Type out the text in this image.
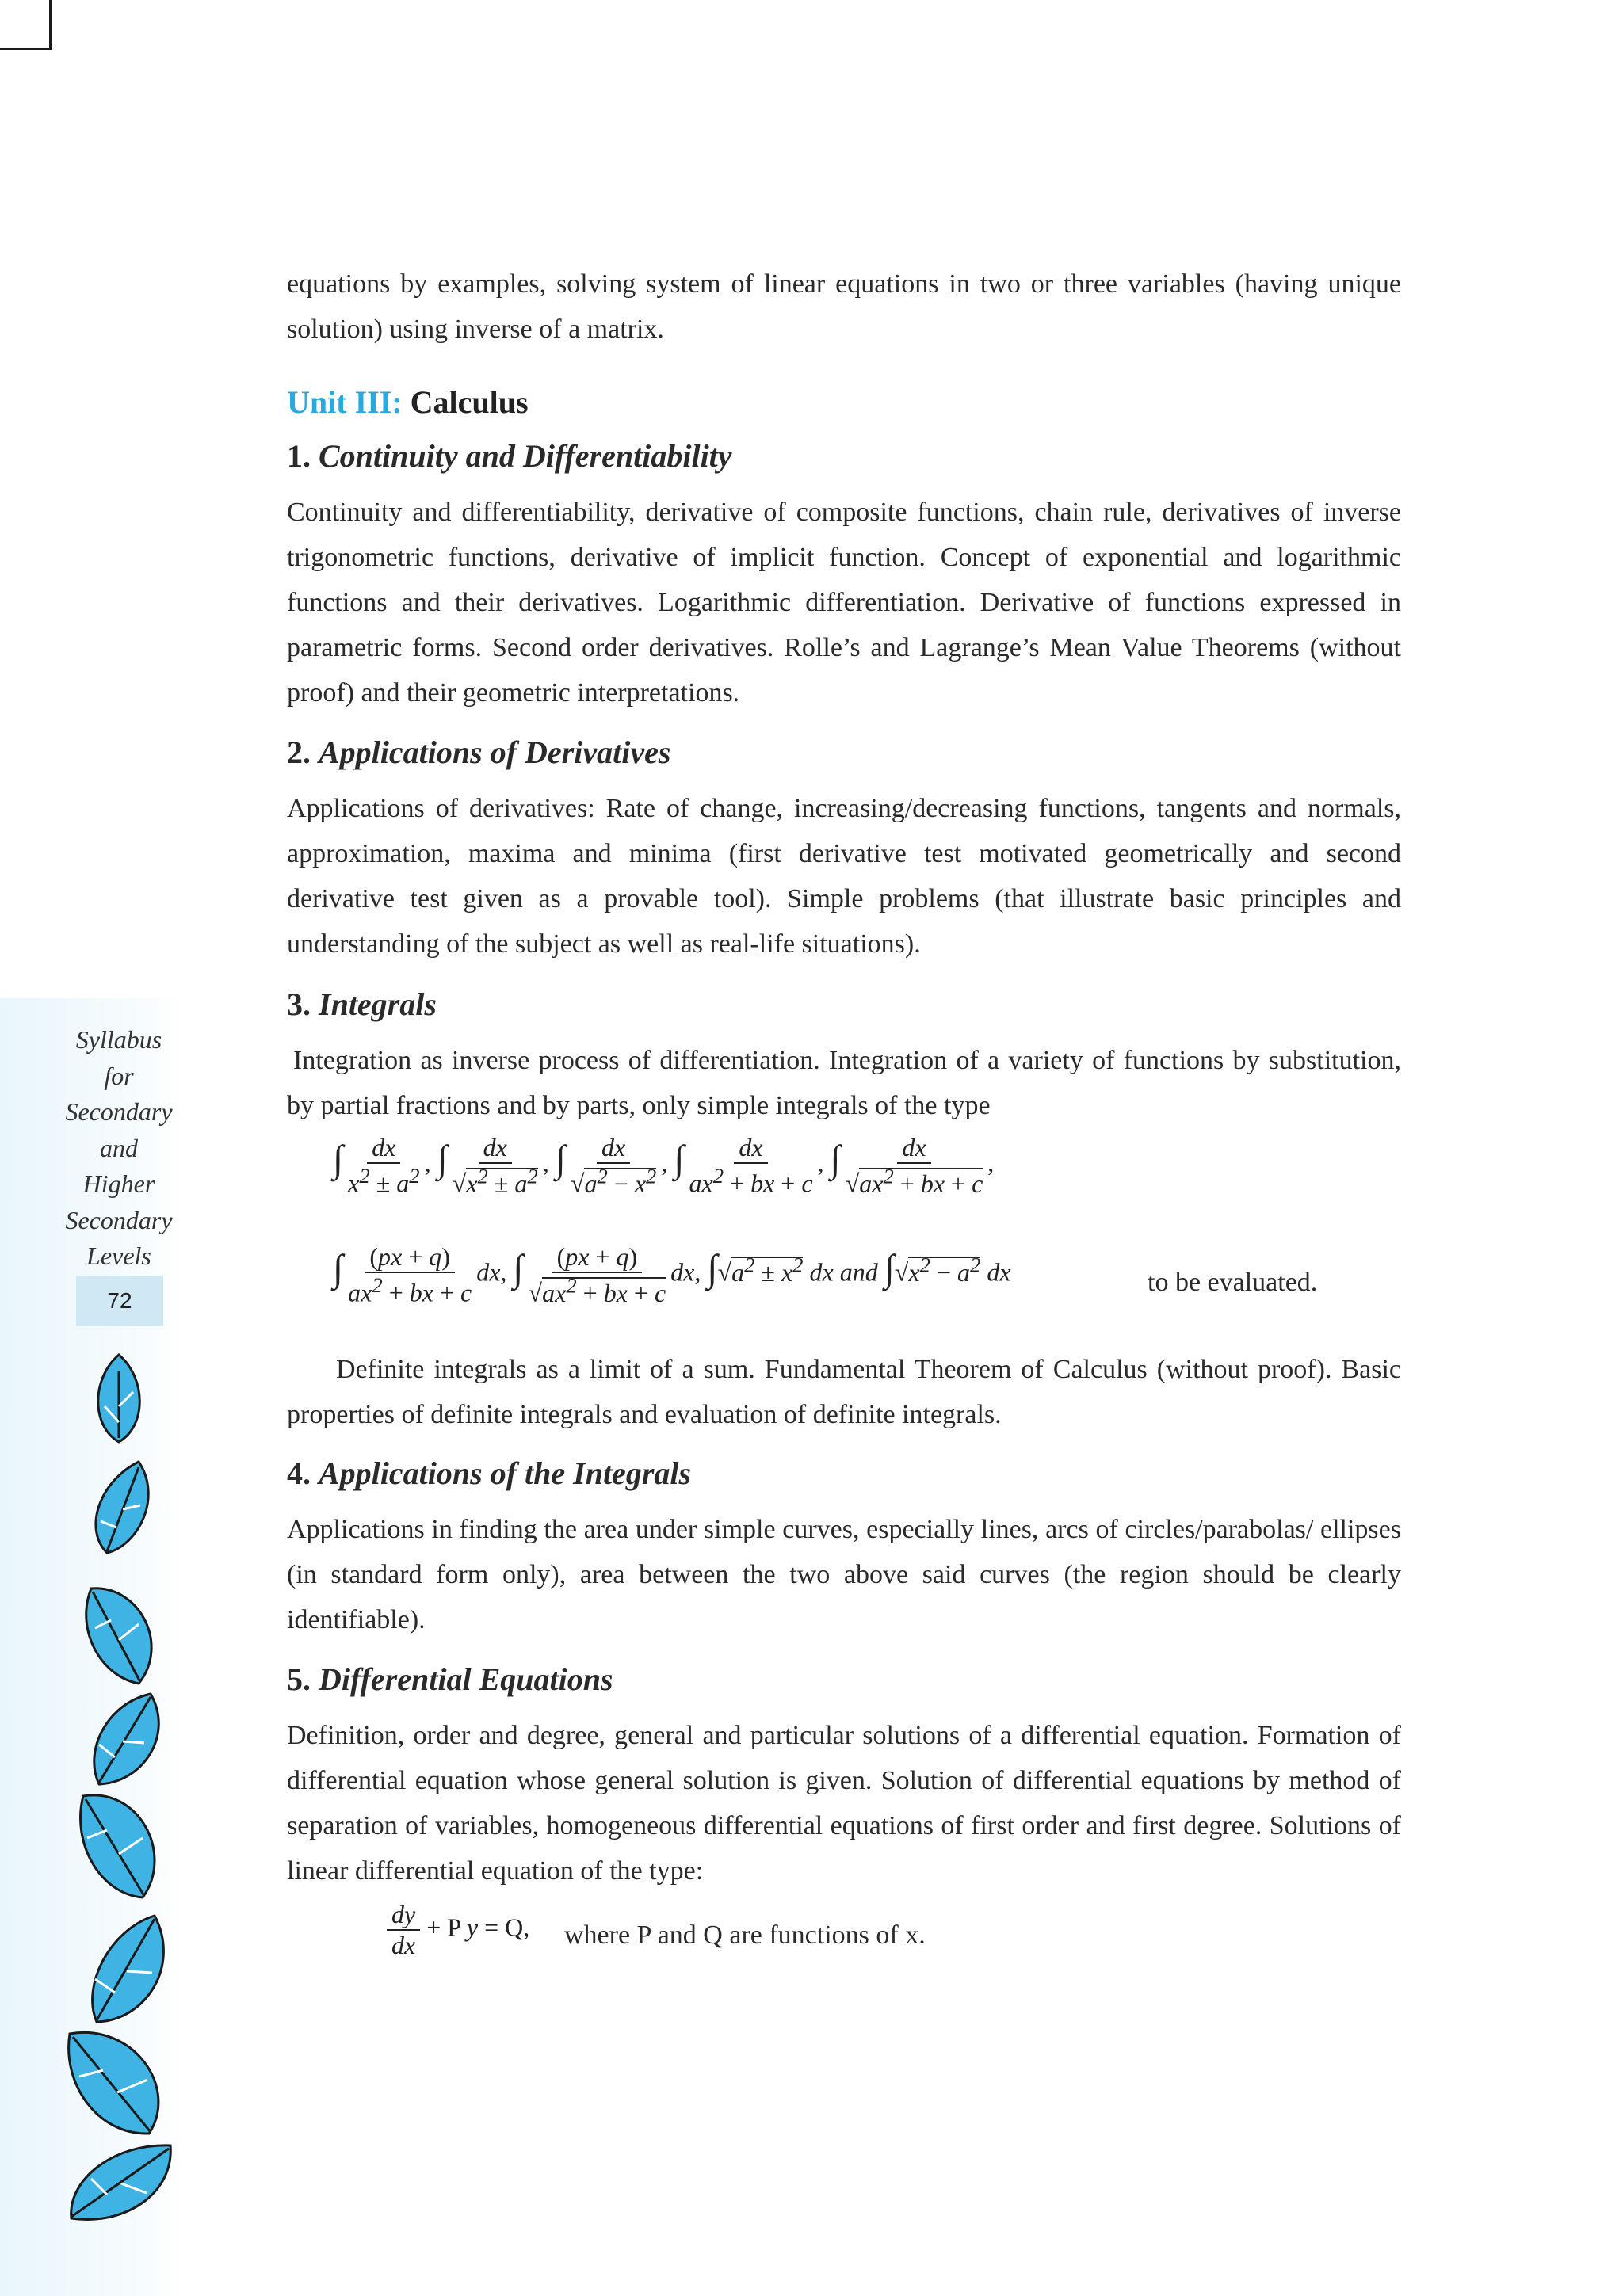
Syllabus
for
Secondary
and
Higher
Secondary
Levels
72

equations by examples, solving system of linear equations in two or three variables (having unique solution) using inverse of a matrix.

Unit III: Calculus
1. Continuity and Differentiability

Continuity and differentiability, derivative of composite functions, chain rule, derivatives of inverse trigonometric functions, derivative of implicit function. Concept of exponential and logarithmic functions and their derivatives. Logarithmic differentiation. Derivative of functions expressed in parametric forms. Second order derivatives. Rolle’s and Lagrange’s Mean Value Theorems (without proof) and their geometric interpretations.

2. Applications of Derivatives

Applications of derivatives: Rate of change, increasing/decreasing functions, tangents and normals, approximation, maxima and minima (first derivative test motivated geometrically and second derivative test given as a provable tool). Simple problems (that illustrate basic principles and understanding of the subject as well as real-life situations).

3. Integrals

Integration as inverse process of differentiation. Integration of a variety of functions by substitution, by partial fractions and by parts, only simple integrals of the type

∫ $\frac{dx}{x^2 \pm a^2}$ , ∫ $\frac{dx}{√x^2 \pm a^2}$ , ∫ $\frac{dx}{√a^2 - x^2}$ , ∫ $\frac{dx}{ax^2 + bx + c}$ , ∫ $\frac{dx}{√ax^2 + bx + c}$ ,
∫ $\frac{(px + q)}{ax^2 + bx + c}$ dx, ∫ $\frac{(px + q)}{√ax^2 + bx + c}$ dx, $\int√a^2 \pm x^2$ dx and $\int√x^2 - a^2$ dx	to be evaluated.

Definite integrals as a limit of a sum. Fundamental Theorem of Calculus (without proof). Basic properties of definite integrals and evaluation of definite integrals.

4. Applications of the Integrals

Applications in finding the area under simple curves, especially lines, arcs of circles/parabolas/ ellipses (in standard form only), area between the two above said curves (the region should be clearly identifiable).

5. Differential Equations

Definition, order and degree, general and particular solutions of a differential equation. Formation of differential equation whose general solution is given. Solution of differential equations by method of separation of variables, homogeneous differential equations of first order and first degree. Solutions of linear differential equation of the type:

$\frac{dy}{dx} + P$ y = Q, where P and Q are functions of x.
